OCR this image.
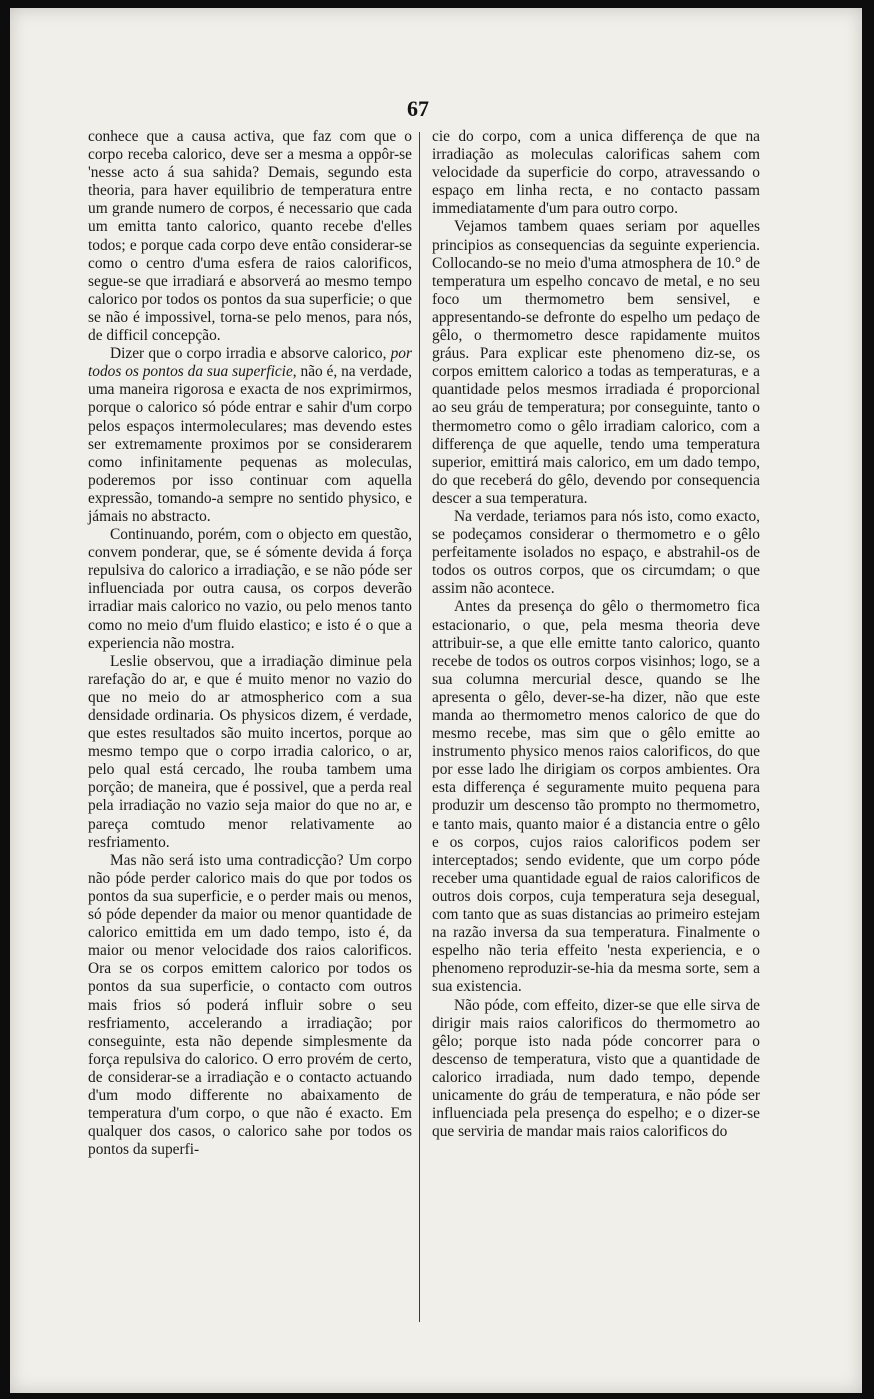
67

conhece que a causa activa, que faz com que o corpo receba calorico, deve ser a mesma a oppôr-se 'nesse acto á sua sahida? Demais, segundo esta theoria, para haver equilibrio de temperatura entre um grande numero de corpos, é necessario que cada um emitta tanto calorico, quanto recebe d'elles todos; e porque cada corpo deve então considerar-se como o centro d'uma esfera de raios calorificos, segue-se que irradiará e absorverá ao mesmo tempo calorico por todos os pontos da sua superficie; o que se não é impossivel, torna-se pelo menos, para nós, de difficil concepção.

Dizer que o corpo irradia e absorve calorico, por todos os pontos da sua superficie, não é, na verdade, uma maneira rigorosa e exacta de nos exprimirmos, porque o calorico só póde entrar e sahir d'um corpo pelos espaços intermoleculares; mas devendo estes ser extremamente proximos por se considerarem como infinitamente pequenas as moleculas, poderemos por isso continuar com aquella expressão, tomando-a sempre no sentido physico, e jámais no abstracto.

Continuando, porém, com o objecto em questão, convem ponderar, que, se é sómente devida á força repulsiva do calorico a irradiação, e se não póde ser influenciada por outra causa, os corpos deverão irradiar mais calorico no vazio, ou pelo menos tanto como no meio d'um fluido elastico; e isto é o que a experiencia não mostra.

Leslie observou, que a irradiação diminue pela rarefação do ar, e que é muito menor no vazio do que no meio do ar atmospherico com a sua densidade ordinaria. Os physicos dizem, é verdade, que estes resultados são muito incertos, porque ao mesmo tempo que o corpo irradia calorico, o ar, pelo qual está cercado, lhe rouba tambem uma porção; de maneira, que é possivel, que a perda real pela irradiação no vazio seja maior do que no ar, e pareça comtudo menor relativamente ao resfriamento.

Mas não será isto uma contradicção? Um corpo não póde perder calorico mais do que por todos os pontos da sua superficie, e o perder mais ou menos, só póde depender da maior ou menor quantidade de calorico emittida em um dado tempo, isto é, da maior ou menor velocidade dos raios calorificos. Ora se os corpos emittem calorico por todos os pontos da sua superficie, o contacto com outros mais frios só poderá influir sobre o seu resfriamento, accelerando a irradiação; por conseguinte, esta não depende simplesmente da força repulsiva do calorico. O erro provém de certo, de considerar-se a irradiação e o contacto actuando d'um modo differente no abaixamento de temperatura d'um corpo, o que não é exacto. Em qualquer dos casos, o calorico sahe por todos os pontos da superfi-

cie do corpo, com a unica differença de que na irradiação as moleculas calorificas sahem com velocidade da superficie do corpo, atravessando o espaço em linha recta, e no contacto passam immediatamente d'um para outro corpo.

Vejamos tambem quaes seriam por aquelles principios as consequencias da seguinte experiencia. Collocando-se no meio d'uma atmosphera de 10.° de temperatura um espelho concavo de metal, e no seu foco um thermometro bem sensivel, e appresentando-se defronte do espelho um pedaço de gêlo, o thermometro desce rapidamente muitos gráus. Para explicar este phenomeno diz-se, os corpos emittem calorico a todas as temperaturas, e a quantidade pelos mesmos irradiada é proporcional ao seu gráu de temperatura; por conseguinte, tanto o thermometro como o gêlo irradiam calorico, com a differença de que aquelle, tendo uma temperatura superior, emittirá mais calorico, em um dado tempo, do que receberá do gêlo, devendo por consequencia descer a sua temperatura.

Na verdade, teriamos para nós isto, como exacto, se podeçamos considerar o thermometro e o gêlo perfeitamente isolados no espaço, e abstrahil-os de todos os outros corpos, que os circumdam; o que assim não acontece.

Antes da presença do gêlo o thermometro fica estacionario, o que, pela mesma theoria deve attribuir-se, a que elle emitte tanto calorico, quanto recebe de todos os outros corpos visinhos; logo, se a sua columna mercurial desce, quando se lhe apresenta o gêlo, dever-se-ha dizer, não que este manda ao thermometro menos calorico de que do mesmo recebe, mas sim que o gêlo emitte ao instrumento physico menos raios calorificos, do que por esse lado lhe dirigiam os corpos ambientes. Ora esta differença é seguramente muito pequena para produzir um descenso tão prompto no thermometro, e tanto mais, quanto maior é a distancia entre o gêlo e os corpos, cujos raios calorificos podem ser interceptados; sendo evidente, que um corpo póde receber uma quantidade egual de raios calorificos de outros dois corpos, cuja temperatura seja desegual, com tanto que as suas distancias ao primeiro estejam na razão inversa da sua temperatura. Finalmente o espelho não teria effeito 'nesta experiencia, e o phenomeno reproduzir-se-hia da mesma sorte, sem a sua existencia.

Não póde, com effeito, dizer-se que elle sirva de dirigir mais raios calorificos do thermometro ao gêlo; porque isto nada póde concorrer para o descenso de temperatura, visto que a quantidade de calorico irradiada, num dado tempo, depende unicamente do gráu de temperatura, e não póde ser influenciada pela presença do espelho; e o dizer-se que serviria de mandar mais raios calorificos do
